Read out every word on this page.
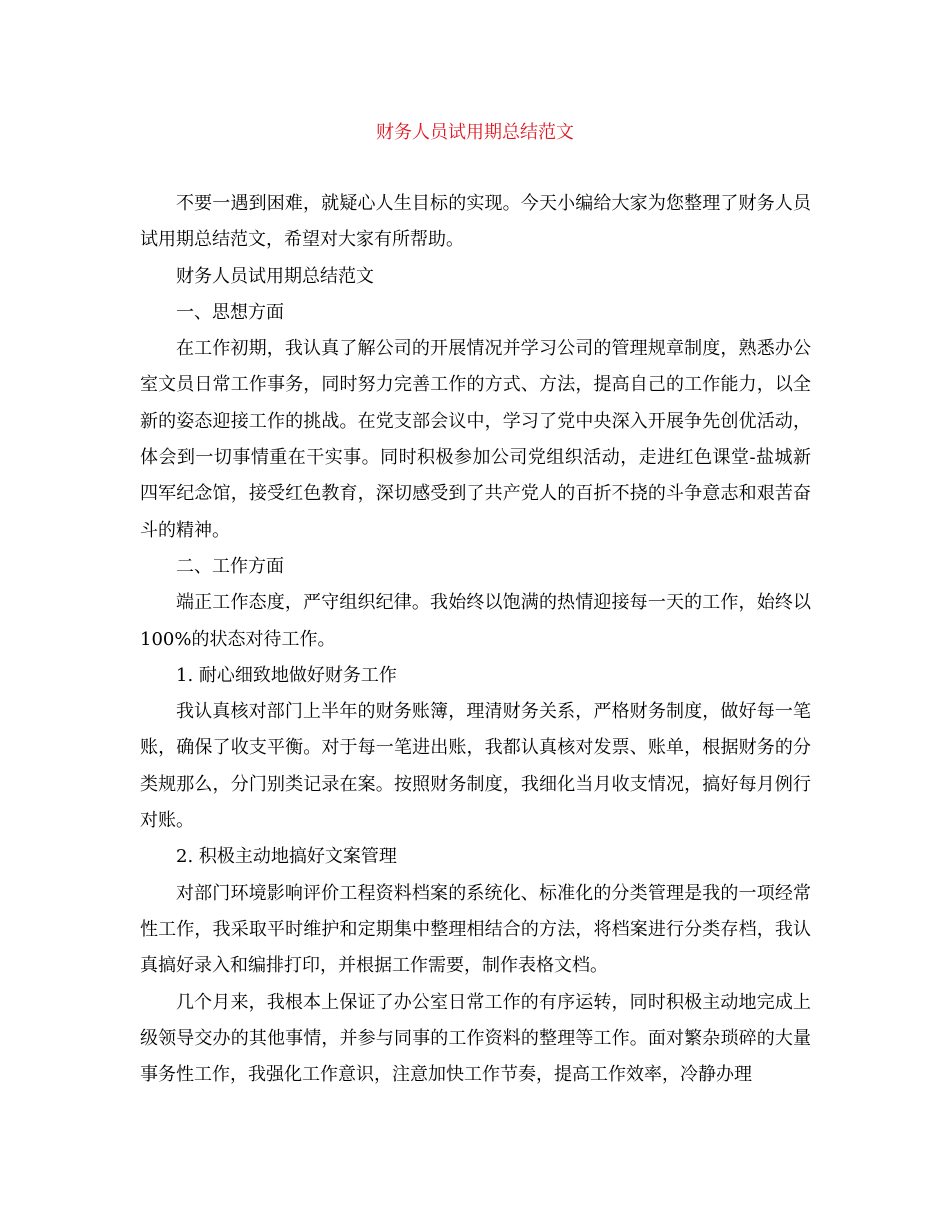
财务人员试用期总结范文

不要一遇到困难，就疑心人生目标的实现。今天小编给大家为您整理了财务人员试用期总结范文，希望对大家有所帮助。

财务人员试用期总结范文

一、思想方面

在工作初期，我认真了解公司的开展情况并学习公司的管理规章制度，熟悉办公室文员日常工作事务，同时努力完善工作的方式、方法，提高自己的工作能力，以全新的姿态迎接工作的挑战。在党支部会议中，学习了党中央深入开展争先创优活动，体会到一切事情重在干实事。同时积极参加公司党组织活动，走进红色课堂-盐城新四军纪念馆，接受红色教育，深切感受到了共产党人的百折不挠的斗争意志和艰苦奋斗的精神。

二、工作方面

端正工作态度，严守组织纪律。我始终以饱满的热情迎接每一天的工作，始终以100%的状态对待工作。

1. 耐心细致地做好财务工作

我认真核对部门上半年的财务账簿，理清财务关系，严格财务制度，做好每一笔账，确保了收支平衡。对于每一笔进出账，我都认真核对发票、账单，根据财务的分类规那么，分门别类记录在案。按照财务制度，我细化当月收支情况，搞好每月例行对账。

2. 积极主动地搞好文案管理

对部门环境影响评价工程资料档案的系统化、标准化的分类管理是我的一项经常性工作，我采取平时维护和定期集中整理相结合的方法，将档案进行分类存档，我认真搞好录入和编排打印，并根据工作需要，制作表格文档。

几个月来，我根本上保证了办公室日常工作的有序运转，同时积极主动地完成上级领导交办的其他事情，并参与同事的工作资料的整理等工作。面对繁杂琐碎的大量事务性工作，我强化工作意识，注意加快工作节奏，提高工作效率，冷静办理
